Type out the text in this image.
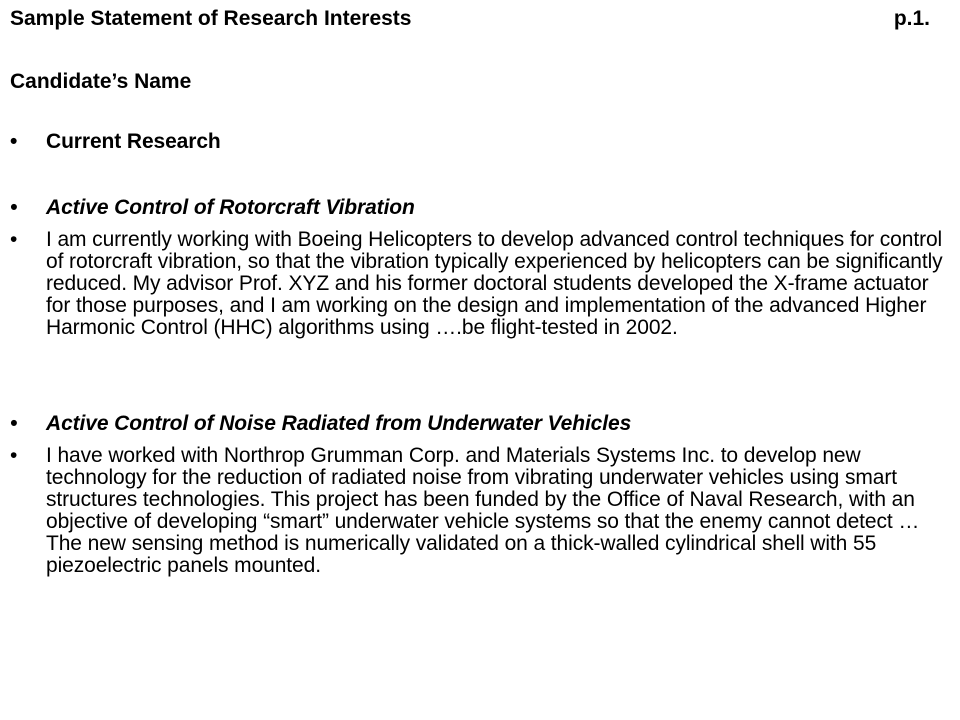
Sample Statement of Research Interests	p.1.
Candidate’s Name
•	Current Research
•	Active Control of Rotorcraft Vibration
•	I am currently working with Boeing Helicopters to develop advanced control techniques for control of rotorcraft vibration, so that the vibration typically experienced by helicopters can be significantly reduced. My advisor Prof. XYZ and his former doctoral students developed the X-frame actuator for those purposes, and I am working on the design and implementation of the advanced Higher Harmonic Control (HHC) algorithms using ….be flight-tested in 2002.
•	Active Control of Noise Radiated from Underwater Vehicles
•	I have worked with Northrop Grumman Corp. and Materials Systems Inc. to develop new technology for the reduction of radiated noise from vibrating underwater vehicles using smart structures technologies. This project has been funded by the Office of Naval Research, with an objective of developing “smart” underwater vehicle systems so that the enemy cannot detect …The new sensing method is numerically validated on a thick-walled cylindrical shell with 55 piezoelectric panels mounted.
